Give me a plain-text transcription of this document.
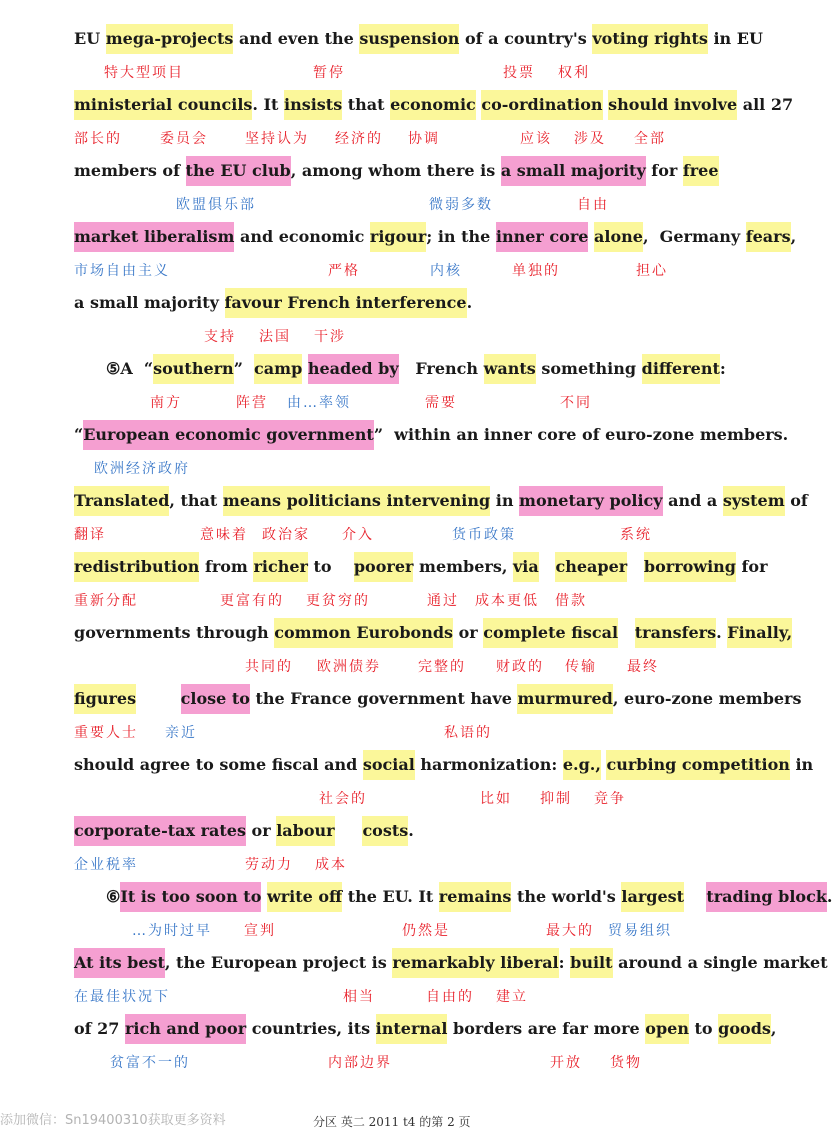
EU mega-projects and even the suspension of a country's voting rights in EU
特大型项目	暂停	投票 权利
ministerial councils. It insists that economic co-ordination should involve all 27
部长的	委员会	坚持认为 经济的 协调	应该 涉及 全部
members of the EU club, among whom there is a small majority for free
欧盟俱乐部	微弱多数	自由
market liberalism and economic rigour; in the inner core alone,  Germany fears,
市场自由主义	严格	内核	单独的	担心
a small majority favour French interference.
支持 法国 干涉
⑤A  “southern”  camp headed by   French wants something different:
南方	阵营 由…率领	需要	不同
“European economic government”  within an inner core of euro-zone members.
欧洲经济政府
Translated, that means politicians intervening in monetary policy and a system of
翻译	意味着 政治家 介入	货币政策	系统
redistribution from richer to    poorer members, via cheaper borrowing for
重新分配	更富有的 更贫穷的	通过 成本更低 借款
governments through common Eurobonds or complete fiscal transfers. Finally,
共同的 欧洲债券	完整的 财政的 传输 最终
figures	close to the France government have murmured, euro-zone members
重要人士 亲近	私语的
should agree to some fiscal and social harmonization: e.g., curbing competition in
社会的	比如 抑制 竞争
corporate-tax rates or labour costs.
企业税率	劳动力 成本
⑥It is too soon to write off the EU. It remains the world's largest trading block.
…为时过早 宣判	仍然是	最大的 贸易组织
At its best, the European project is remarkably liberal: built around a single market
在最佳状况下	相当	自由的 建立
of 27 rich and poor countries, its internal borders are far more open to goods,
贫富不一的	内部边界	开放 货物
添加微信：Sn19400310获取更多资料	分区 英二 2011 t4 的第 2 页
